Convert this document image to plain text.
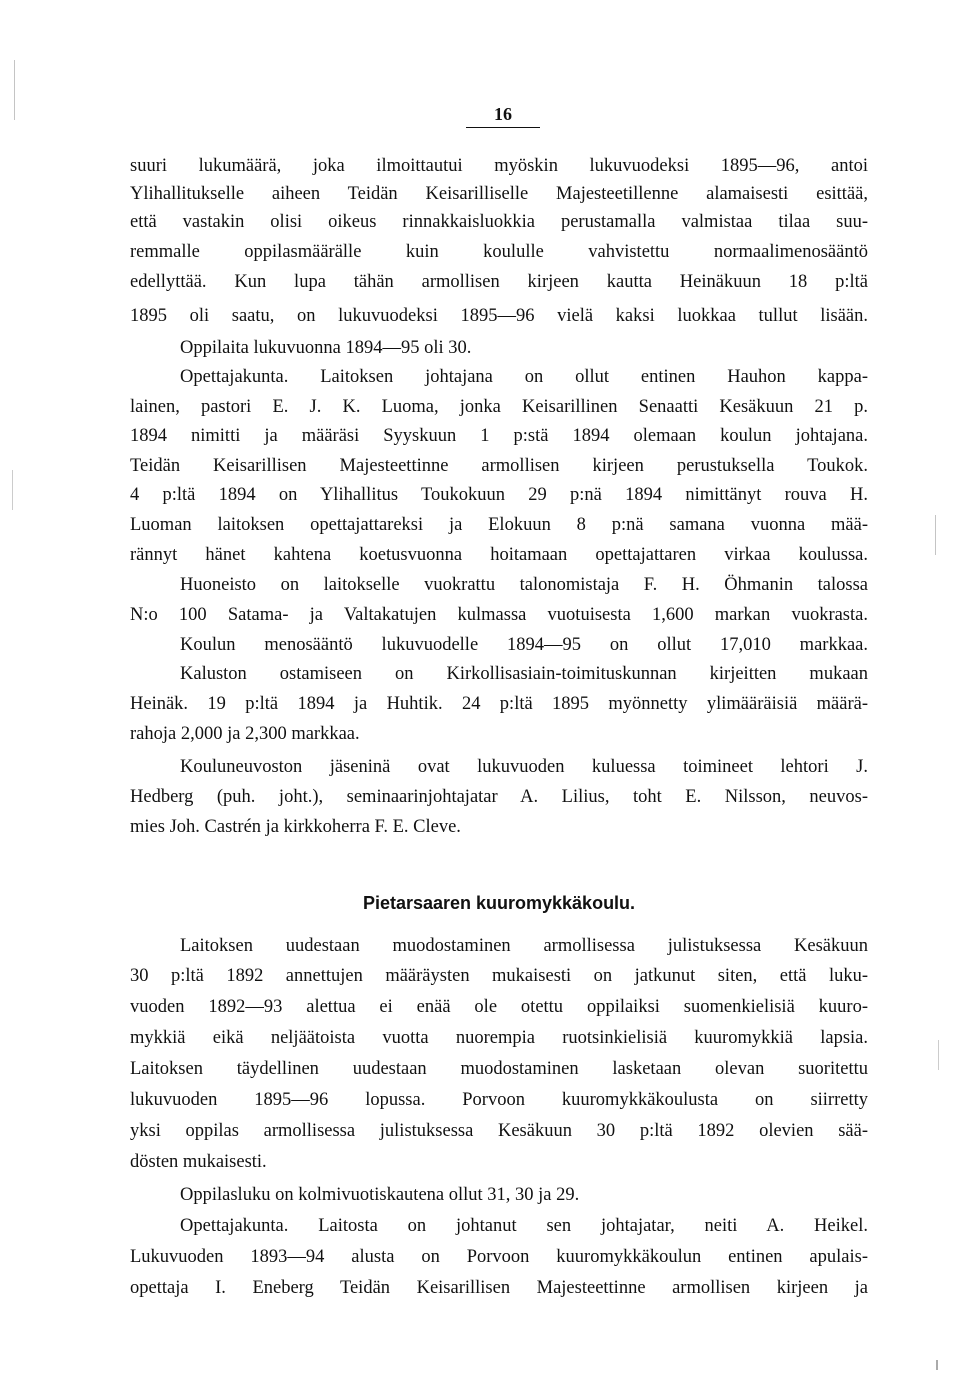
16
suuri lukumäärä, joka ilmoittautui myöskin lukuvuodeksi 1895—96, antoi
Ylihallitukselle aiheen Teidän Keisarilliselle Majesteetillenne alamaisesti esittää,
että vastakin olisi oikeus rinnakkaisluokkia perustamalla valmistaa tilaa suu-
remmalle oppilasmäärälle kuin koululle vahvistettu normaalimenosääntö
edellyttää. Kun lupa tähän armollisen kirjeen kautta Heinäkuun 18 p:ltä
1895 oli saatu, on lukuvuodeksi 1895—96 vielä kaksi luokkaa tullut lisään.
Oppilaita lukuvuonna 1894—95 oli 30.
Opettajakunta. Laitoksen johtajana on ollut entinen Hauhon kappa-
lainen, pastori E. J. K. Luoma, jonka Keisarillinen Senaatti Kesäkuun 21 p.
1894 nimitti ja määräsi Syyskuun 1 p:stä 1894 olemaan koulun johtajana.
Teidän Keisarillisen Majesteettinne armollisen kirjeen perustuksella Toukok.
4 p:ltä 1894 on Ylihallitus Toukokuun 29 p:nä 1894 nimittänyt rouva H.
Luoman laitoksen opettajattareksi ja Elokuun 8 p:nä samana vuonna mää-
rännyt hänet kahtena koetusvuonna hoitamaan opettajattaren virkaa koulussa.
Huoneisto on laitokselle vuokrattu talonomistaja F. H. Öhmanin talossa
N:o 100 Satama- ja Valtakatujen kulmassa vuotuisesta 1,600 markan vuokrasta.
Koulun menosääntö lukuvuodelle 1894—95 on ollut 17,010 markkaa.
Kaluston ostamiseen on Kirkollisasiain-toimituskunnan kirjeitten mukaan
Heinäk. 19 p:ltä 1894 ja Huhtik. 24 p:ltä 1895 myönnetty ylimääräisiä määrä-
rahoja 2,000 ja 2,300 markkaa.
Kouluneuvoston jäseninä ovat lukuvuoden kuluessa toimineet lehtori J.
Hedberg (puh. joht.), seminaarinjohtajatar A. Lilius, toht E. Nilsson, neuvos-
mies Joh. Castrén ja kirkkoherra F. E. Cleve.
Pietarsaaren kuuromykkäkoulu.
Laitoksen uudestaan muodostaminen armollisessa julistuksessa Kesäkuun
30 p:ltä 1892 annettujen määräysten mukaisesti on jatkunut siten, että luku-
vuoden 1892—93 alettua ei enää ole otettu oppilaiksi suomenkielisiä kuuro-
mykkiä eikä neljäätoista vuotta nuorempia ruotsinkielisiä kuuromykkiä lapsia.
Laitoksen täydellinen uudestaan muodostaminen lasketaan olevan suoritettu
lukuvuoden 1895—96 lopussa. Porvoon kuuromykkäkoulusta on siirretty
yksi oppilas armollisessa julistuksessa Kesäkuun 30 p:ltä 1892 olevien sää-
dösten mukaisesti.
Oppilasluku on kolmivuotiskautena ollut 31, 30 ja 29.
Opettajakunta. Laitosta on johtanut sen johtajatar, neiti A. Heikel.
Lukuvuoden 1893—94 alusta on Porvoon kuuromykkäkoulun entinen apulais-
opettaja I. Eneberg Teidän Keisarillisen Majesteettinne armollisen kirjeen ja
